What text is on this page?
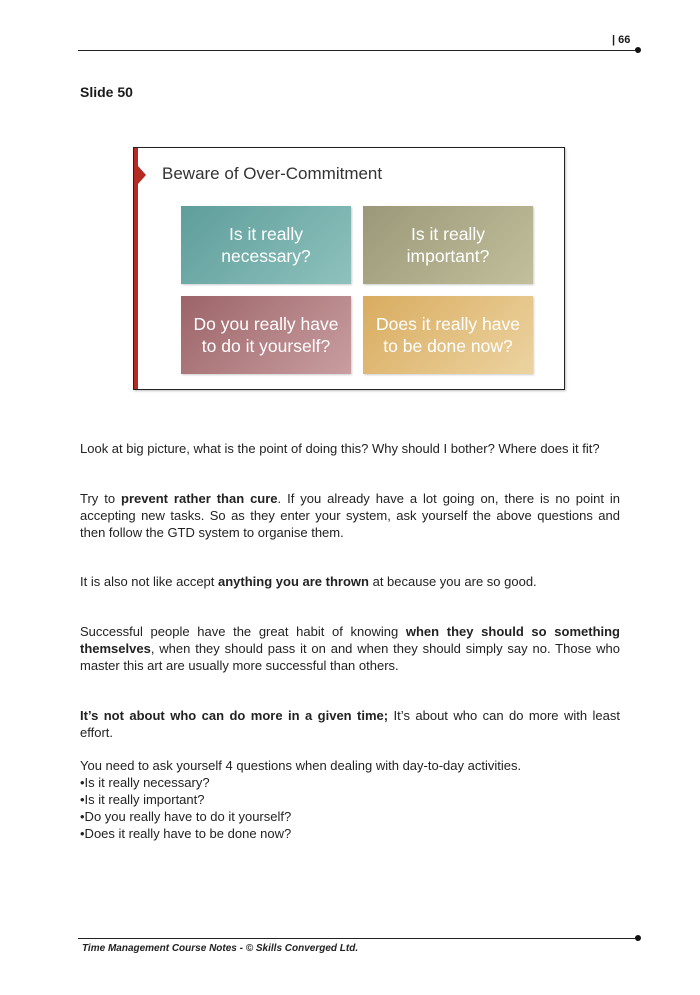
| 66
Slide 50
Beware of Over-Commitment
Is it really
necessary?
Is it really
important?
Do you really have
to do it yourself?
Does it really have
to be done now?
Look at big picture, what is the point of doing this? Why should I bother? Where does it fit?
Try to prevent rather than cure. If you already have a lot going on, there is no point in accepting new tasks. So as they enter your system, ask yourself the above questions and then follow the GTD system to organise them.
It is also not like accept anything you are thrown at because you are so good.
Successful people have the great habit of knowing when they should so something themselves, when they should pass it on and when they should simply say no. Those who master this art are usually more successful than others.
It’s not about who can do more in a given time; It’s about who can do more with least effort.
You need to ask yourself 4 questions when dealing with day-to-day activities.
•Is it really necessary?
•Is it really important?
•Do you really have to do it yourself?
•Does it really have to be done now?
Time Management Course Notes - © Skills Converged Ltd.
